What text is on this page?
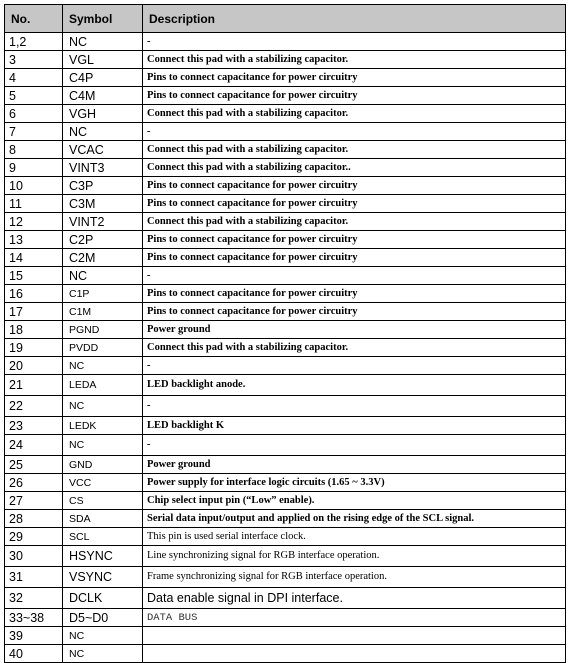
No.	Symbol	Description
1,2	NC	-
3	VGL	Connect this pad with a stabilizing capacitor.
4	C4P	Pins to connect capacitance for power circuitry
5	C4M	Pins to connect capacitance for power circuitry
6	VGH	Connect this pad with a stabilizing capacitor.
7	NC	-
8	VCAC	Connect this pad with a stabilizing capacitor.
9	VINT3	Connect this pad with a stabilizing capacitor..
10	C3P	Pins to connect capacitance for power circuitry
11	C3M	Pins to connect capacitance for power circuitry
12	VINT2	Connect this pad with a stabilizing capacitor.
13	C2P	Pins to connect capacitance for power circuitry
14	C2M	Pins to connect capacitance for power circuitry
15	NC	-
16	C1P	Pins to connect capacitance for power circuitry
17	C1M	Pins to connect capacitance for power circuitry
18	PGND	Power ground
19	PVDD	Connect this pad with a stabilizing capacitor.
20	NC	-
21	LEDA	LED backlight anode.
22	NC	-
23	LEDK	LED backlight K
24	NC	-
25	GND	Power ground
26	VCC	Power supply for interface logic circuits (1.65 ~ 3.3V)
27	CS	Chip select input pin (“Low” enable).
28	SDA	Serial data input/output and applied on the rising edge of the SCL signal.
29	SCL	This pin is used serial interface clock.
30	HSYNC	Line synchronizing signal for RGB interface operation.
31	VSYNC	Frame synchronizing signal for RGB interface operation.
32	DCLK	Data enable signal in DPI interface.
33~38	D5~D0	DATA BUS
39	NC	
40	NC	
